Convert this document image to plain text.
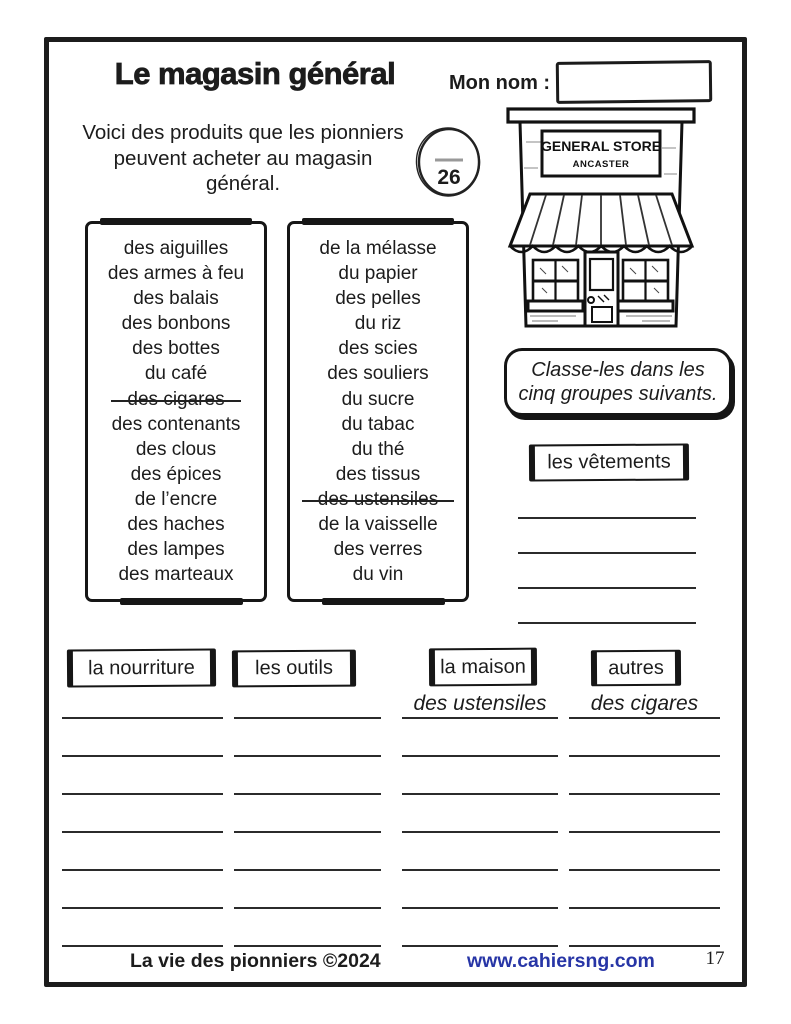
Le magasin général	Mon nom :
Voici des produits que les pionniers peuvent acheter au magasin général.	26
GENERAL STORE
ANCASTER
des aiguilles
des armes à feu
des balais
des bonbons
des bottes
du café
des cigares
des contenants
des clous
des épices
de l’encre
des haches
des lampes
des marteaux
de la mélasse
du papier
des pelles
du riz
des scies
des souliers
du sucre
du tabac
du thé
des tissus
des ustensiles
de la vaisselle
des verres
du vin
Classe-les dans les cinq groupes suivants.
les vêtements
la nourriture	les outils	la maison
des ustensiles
autres
des cigares
La vie des pionniers ©2024	www.cahiersng.com	17
